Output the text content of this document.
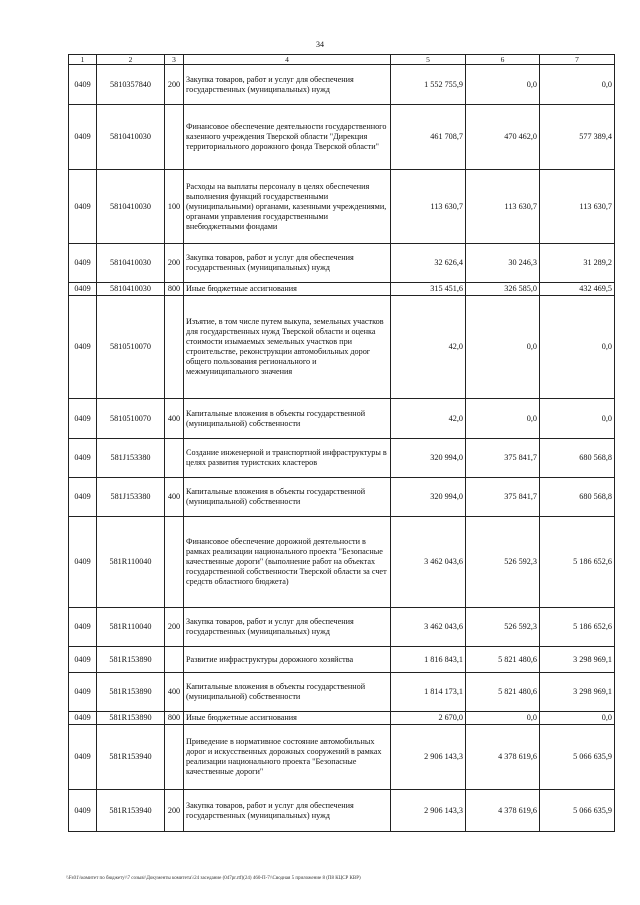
34
1	2	3	4	5	6	7
0409	5810357840	200	Закупка товаров, работ и услуг для обеспечения государственных (муниципальных) нужд	1 552 755,9	0,0	0,0
0409	5810410030		Финансовое обеспечение деятельности государственного казенного учреждения Тверской области "Дирекция территориального дорожного фонда Тверской области"	461 708,7	470 462,0	577 389,4
0409	5810410030	100	Расходы на выплаты персоналу в целях обеспечения выполнения функций государственными (муниципальными) органами, казенными учреждениями, органами управления государственными внебюджетными фондами	113 630,7	113 630,7	113 630,7
0409	5810410030	200	Закупка товаров, работ и услуг для обеспечения государственных (муниципальных) нужд	32 626,4	30 246,3	31 289,2
0409	5810410030	800	Иные бюджетные ассигнования	315 451,6	326 585,0	432 469,5
0409	5810510070		Изъятие, в том числе путем выкупа, земельных участков для государственных нужд Тверской области и оценка стоимости изымаемых земельных участков при строительстве, реконструкции автомобильных дорог общего пользования регионального и межмуниципального значения	42,0	0,0	0,0
0409	5810510070	400	Капитальные вложения в объекты государственной (муниципальной) собственности	42,0	0,0	0,0
0409	581J153380		Создание инженерной и транспортной инфраструктуры в целях развития туристских кластеров	320 994,0	375 841,7	680 568,8
0409	581J153380	400	Капитальные вложения в объекты государственной (муниципальной) собственности	320 994,0	375 841,7	680 568,8
0409	581R110040		Финансовое обеспечение дорожной деятельности в рамках реализации национального проекта "Безопасные качественные дороги" (выполнение работ на объектах государственной собственности Тверской области за счет средств областного бюджета)	3 462 043,6	526 592,3	5 186 652,6
0409	581R110040	200	Закупка товаров, работ и услуг для обеспечения государственных (муниципальных) нужд	3 462 043,6	526 592,3	5 186 652,6
0409	581R153890		Развитие инфраструктуры дорожного хозяйства	1 816 843,1	5 821 480,6	3 298 969,1
0409	581R153890	400	Капитальные вложения в объекты государственной (муниципальной) собственности	1 814 173,1	5 821 480,6	3 298 969,1
0409	581R153890	800	Иные бюджетные ассигнования	2 670,0	0,0	0,0
0409	581R153940		Приведение в нормативное состояние автомобильных дорог и искусственных дорожных сооружений в рамках реализации национального проекта "Безопасные качественные дороги"	2 906 143,3	4 378 619,6	5 066 635,9
0409	581R153940	200	Закупка товаров, работ и услуг для обеспечения государственных (муниципальных) нужд	2 906 143,3	4 378 619,6	5 066 635,9
\\Fs01\\комитет по бюджету\\7 созыв\\Документы комитета\\24 заседание (047pr.rtf)(24) 460-П-7\\Сводная 5 приложение 8 (П8 КЦСР КВР)
